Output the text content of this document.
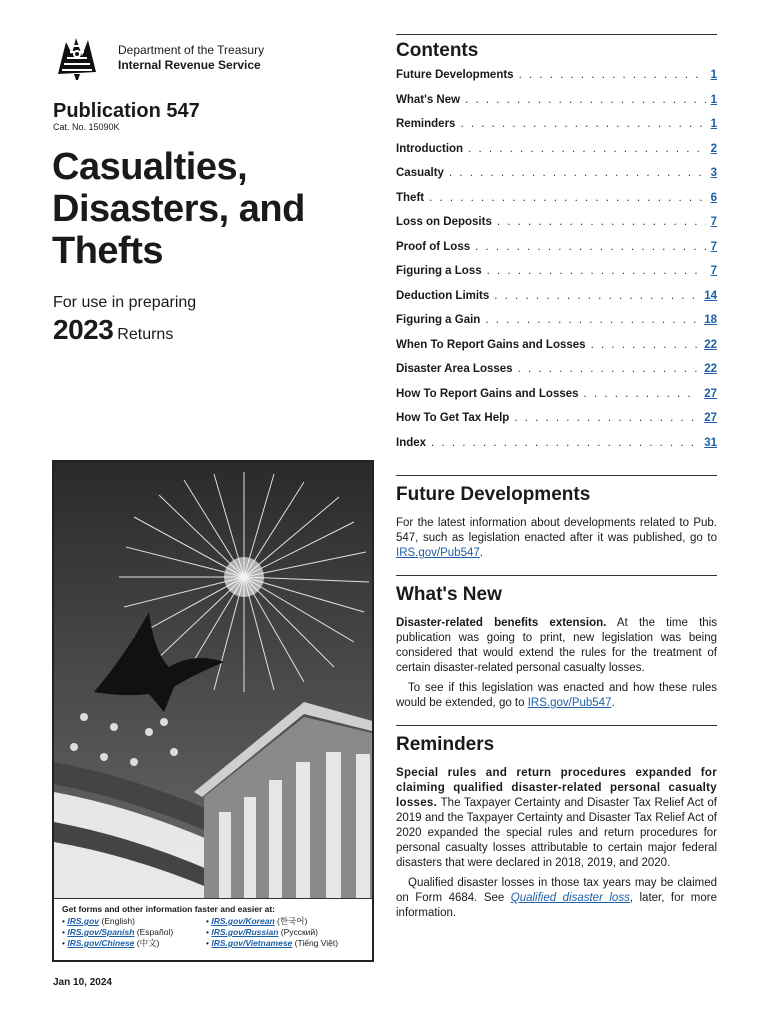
Department of the Treasury
Internal Revenue Service
Publication 547
Cat. No. 15090K
Casualties,
Disasters, and
Thefts
For use in preparing
2023 Returns
Get forms and other information faster and easier at:
• IRS.gov (English)
• IRS.gov/Spanish (Español)
• IRS.gov/Chinese (中文)
• IRS.gov/Korean (한국어)
• IRS.gov/Russian (Русский)
• IRS.gov/Vietnamese (Tiếng Việt)
Jan 10, 2024
Contents
Future Developments . . .	1
What's New . . .	1
Reminders . . .	1
Introduction . . .	2
Casualty . . .	3
Theft . . .	6
Loss on Deposits . . .	7
Proof of Loss . . .	7
Figuring a Loss . . .	7
Deduction Limits . . .	14
Figuring a Gain . . .	18
When To Report Gains and Losses . . .	22
Disaster Area Losses . . .	22
How To Report Gains and Losses . . .	27
How To Get Tax Help . . .	27
Index . . .	31
Future Developments

For the latest information about developments related to Pub. 547, such as legislation enacted after it was published, go to IRS.gov/Pub547.

What's New

Disaster-related benefits extension. At the time this publication was going to print, new legislation was being considered that would extend the rules for the treatment of certain disaster-related personal casualty losses.

To see if this legislation was enacted and how these rules would be extended, go to IRS.gov/Pub547.

Reminders

Special rules and return procedures expanded for claiming qualified disaster-related personal casualty losses. The Taxpayer Certainty and Disaster Tax Relief Act of 2019 and the Taxpayer Certainty and Disaster Tax Relief Act of 2020 expanded the special rules and return procedures for personal casualty losses attributable to certain major federal disasters that were declared in 2018, 2019, and 2020.

Qualified disaster losses in those tax years may be claimed on Form 4684. See Qualified disaster loss, later, for more information.
